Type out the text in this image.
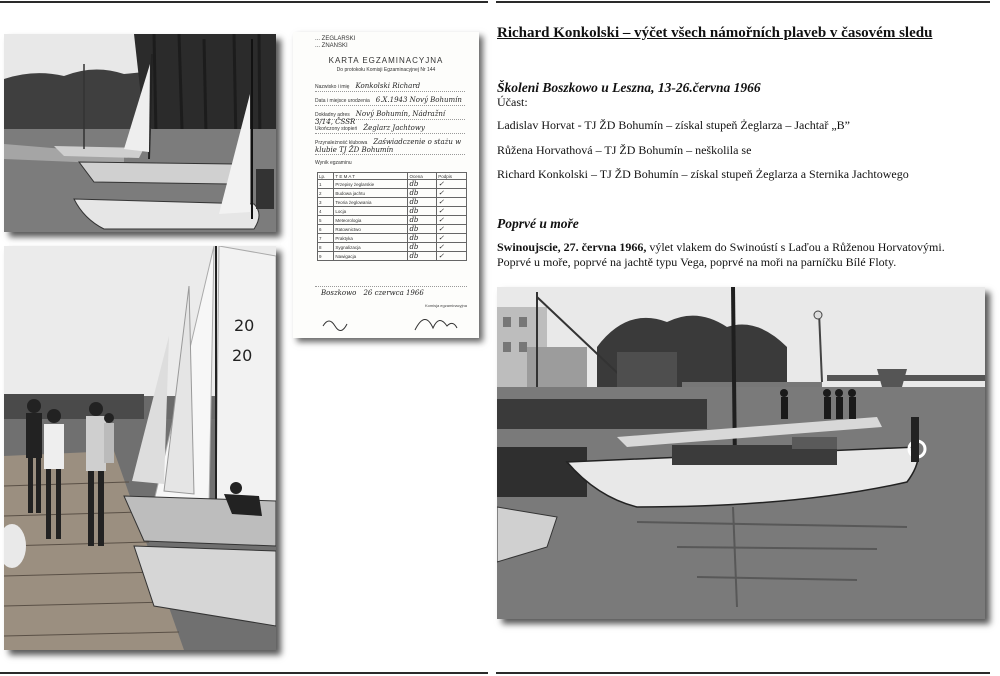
20
20
... ZEGLARSKI
... ZNANSKI
KARTA EGZAMINACYJNA
Do protokołu Komisji Egzaminacyjnej Nr 144
Nazwisko i imię Konkolski Richard
Data i miejsce urodzenia 6.X.1943 Nový Bohumín
Dokładny adres Nový Bohumín, Nádražní 3/14, ČSSR
Ukończony stopień Żeglarz Jachtowy
Przynależność klubowa Zaświadczenie o stażu w klubie TJ ŽD Bohumín
Wynik egzaminu
Lp.	T E M A T	Ocena	Podpis
1	Przepisy żeglarskie	db	✓
2	Budowa jachtu	db	✓
3	Teoria żeglowania	db	✓
4	Locja	db	✓
5	Meteorologia	db	✓
6	Ratownictwo	db	✓
7	Praktyka	db	✓
8	Sygnalizacja	db	✓
9	Nawigacja	db	✓
Boszkowo 26 czerwca 1966
Komisja egzaminacyjna
Richard Konkolski – výčet všech námořních plaveb v časovém sledu
Školeni Boszkowo u Leszna, 13-26.června 1966
Účast:
Ladislav Horvat - TJ ŽD Bohumín – získal stupeň Żeglarza – Jachtař „B”
Růžena Horvathová – TJ ŽD Bohumín – neškolila se
Richard Konkolski – TJ ŽD Bohumín – získal stupeň Żeglarza a Sternika Jachtowego
Poprvé u moře
Swinoujscie, 27. června 1966, výlet vlakem do Swinoústí s Laďou a Růženou Horvatovými.
Poprvé u moře, poprvé na jachtě typu Vega, poprvé na moři na parníčku Bílé Floty.
